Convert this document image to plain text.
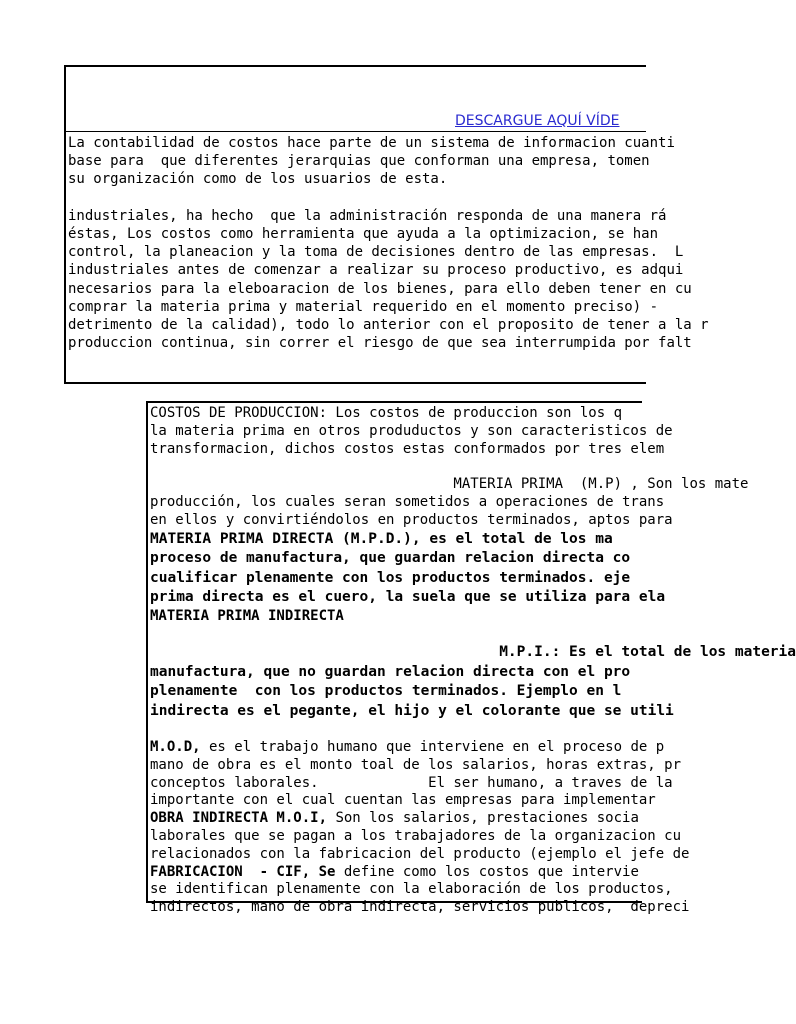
DESCARGUE AQUÍ VÍDE
La contabilidad de costos hace parte de un sistema de informacion cuanti
base para  que diferentes jerarquias que conforman una empresa, tomen
su organización como de los usuarios de esta.

industriales, ha hecho  que la administración responda de una manera rá
éstas, Los costos como herramienta que ayuda a la optimizacion, se han
control, la planeacion y la toma de decisiones dentro de las empresas.  L
industriales antes de comenzar a realizar su proceso productivo, es adqui
necesarios para la eleboaracion de los bienes, para ello deben tener en cu
comprar la materia prima y material requerido en el momento preciso) -
detrimento de la calidad), todo lo anterior con el proposito de tener a la r
produccion continua, sin correr el riesgo de que sea interrumpida por falt
COSTOS DE PRODUCCION: Los costos de produccion son los q
la materia prima en otros produductos y son caracteristicos de
transformacion, dichos costos estas conformados por tres elem

MATERIA PRIMA  (M.P) , Son los mate
producción, los cuales seran sometidos a operaciones de trans
en ellos y convirtiéndolos en productos terminados, aptos para
MATERIA PRIMA DIRECTA (M.P.D.), es el total de los ma
proceso de manufactura, que guardan relacion directa co
cualificar plenamente con los productos terminados. eje
prima directa es el cuero, la suela que se utiliza para ela
MATERIA PRIMA INDIRECTA

M.P.I.: Es el total de los materia
manufactura, que no guardan relacion directa con el pro
plenamente  con los productos terminados. Ejemplo en l
indirecta es el pegante, el hijo y el colorante que se utili

M.O.D, es el trabajo humano que interviene en el proceso de p
mano de obra es el monto toal de los salarios, horas extras, pr
conceptos laborales.             El ser humano, a traves de la
importante con el cual cuentan las empresas para implementar
OBRA INDIRECTA M.O.I, Son los salarios, prestaciones socia
laborales que se pagan a los trabajadores de la organizacion cu
relacionados con la fabricacion del producto (ejemplo el jefe de
FABRICACION  - CIF, Se define como los costos que intervie
se identifican plenamente con la elaboración de los productos,
indirectos, mano de obra indirecta, servicios publicos,  depreci
